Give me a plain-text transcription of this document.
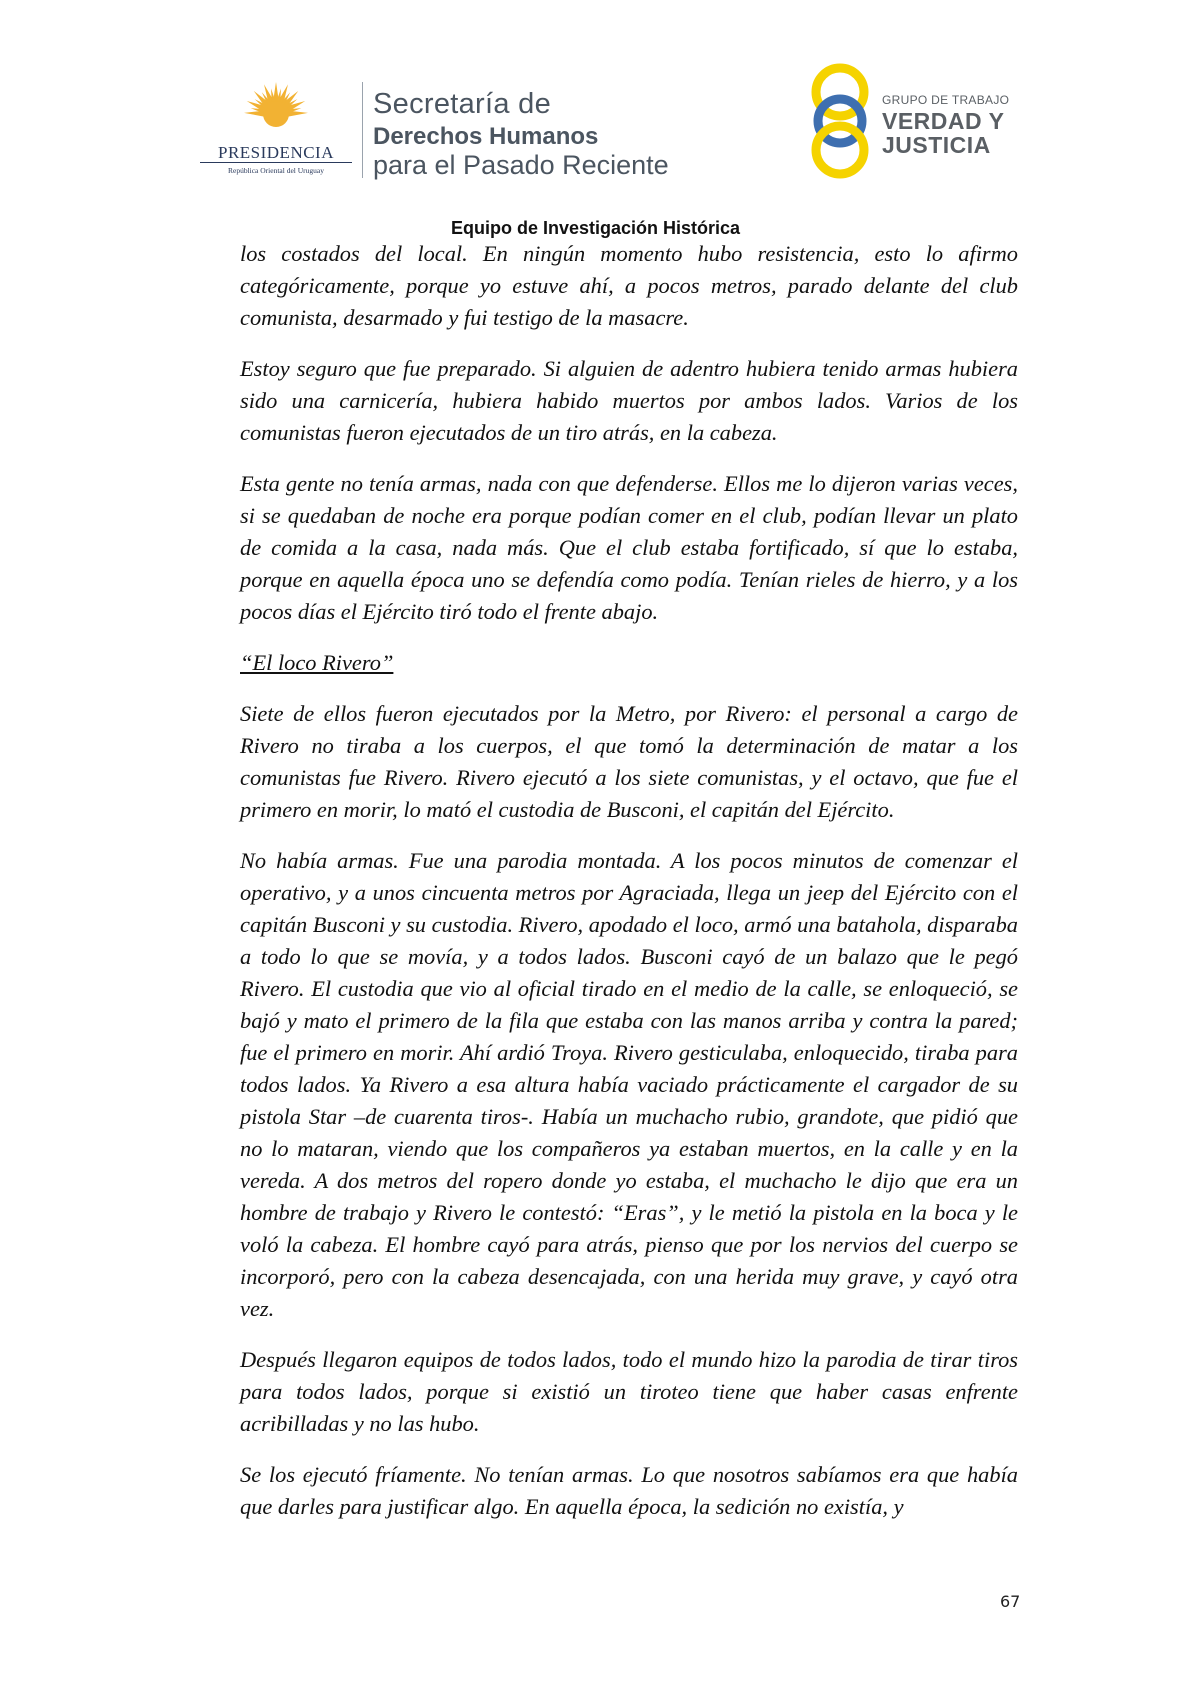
PRESIDENCIA
República Oriental del Uruguay
Secretaría de
Derechos Humanos
para el Pasado Reciente
GRUPO DE TRABAJO
VERDAD Y
JUSTICIA
Equipo de Investigación Histórica

los costados del local. En ningún momento hubo resistencia, esto lo afirmo categóricamente, porque yo estuve ahí, a pocos metros, parado delante del club comunista, desarmado y fui testigo de la masacre.

Estoy seguro que fue preparado. Si alguien de adentro hubiera tenido armas hubiera sido una carnicería, hubiera habido muertos por ambos lados. Varios de los comunistas fueron ejecutados de un tiro atrás, en la cabeza.

Esta gente no tenía armas, nada con que defenderse. Ellos me lo dijeron varias veces, si se quedaban de noche era porque podían comer en el club, podían llevar un plato de comida a la casa, nada más. Que el club estaba fortificado, sí que lo estaba, porque en aquella época uno se defendía como podía. Tenían rieles de hierro, y a los pocos días el Ejército tiró todo el frente abajo.

“El loco Rivero”

Siete de ellos fueron ejecutados por la Metro, por Rivero: el personal a cargo de Rivero no tiraba a los cuerpos, el que tomó la determinación de matar a los comunistas fue Rivero. Rivero ejecutó a los siete comunistas, y el octavo, que fue el primero en morir, lo mató el custodia de Busconi, el capitán del Ejército.

No había armas. Fue una parodia montada. A los pocos minutos de comenzar el operativo, y a unos cincuenta metros por Agraciada, llega un jeep del Ejército con el capitán Busconi y su custodia. Rivero, apodado el loco, armó una batahola, disparaba a todo lo que se movía, y a todos lados. Busconi cayó de un balazo que le pegó Rivero. El custodia que vio al oficial tirado en el medio de la calle, se enloqueció, se bajó y mato el primero de la fila que estaba con las manos arriba y contra la pared; fue el primero en morir. Ahí ardió Troya. Rivero gesticulaba, enloquecido, tiraba para todos lados. Ya Rivero a esa altura había vaciado prácticamente el cargador de su pistola Star –de cuarenta tiros-. Había un muchacho rubio, grandote, que pidió que no lo mataran, viendo que los compañeros ya estaban muertos, en la calle y en la vereda. A dos metros del ropero donde yo estaba, el muchacho le dijo que era un hombre de trabajo y Rivero le contestó: “Eras”, y le metió la pistola en la boca y le voló la cabeza. El hombre cayó para atrás, pienso que por los nervios del cuerpo se incorporó, pero con la cabeza desencajada, con una herida muy grave, y cayó otra vez.

Después llegaron equipos de todos lados, todo el mundo hizo la parodia de tirar tiros para todos lados, porque si existió un tiroteo tiene que haber casas enfrente acribilladas y no las hubo.

Se los ejecutó fríamente. No tenían armas. Lo que nosotros sabíamos era que había que darles para justificar algo. En aquella época, la sedición no existía, y

67
